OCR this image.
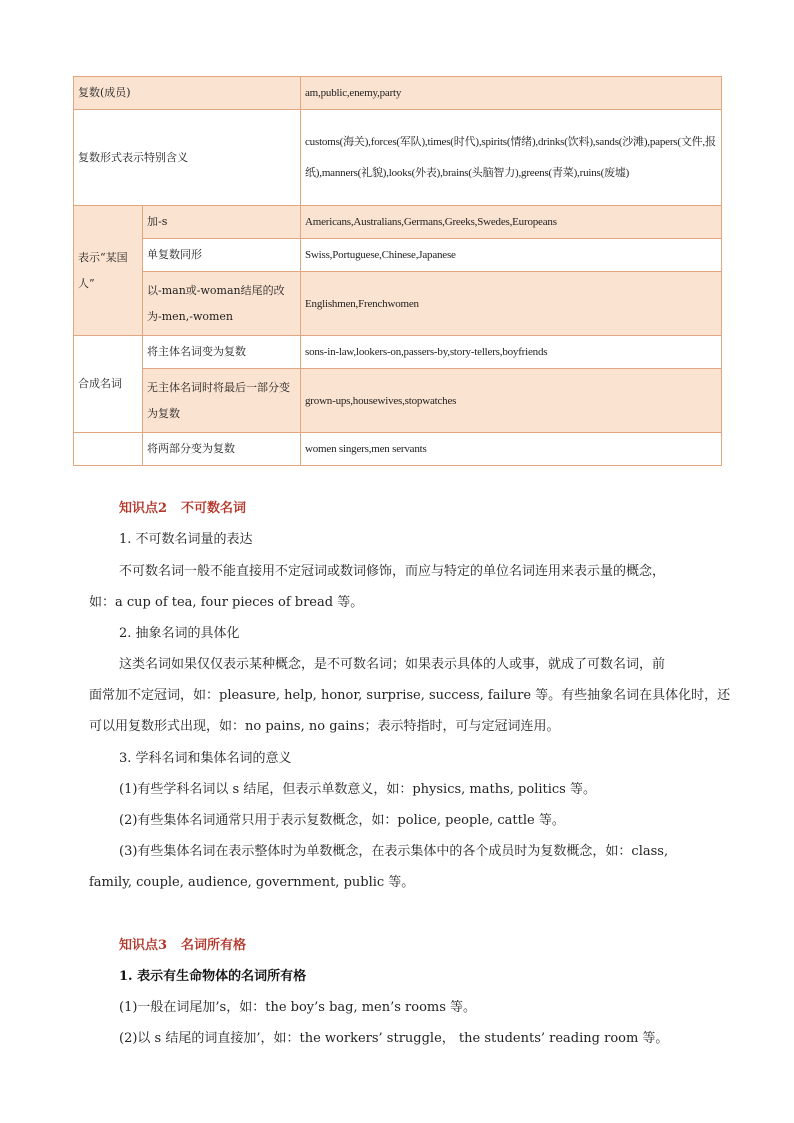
复数(成员)		am,public,enemy,party
复数形式表示特别含义		customs(海关),forces(军队),times(时代),spirits(情绪),drinks(饮料),sands(沙滩),papers(文件,报纸),manners(礼貌),looks(外表),brains(头脑智力),greens(青菜),ruins(废墟)
表示“某国人”	加-s	Americans,Australians,Germans,Greeks,Swedes,Europeans
	单复数同形	Swiss,Portuguese,Chinese,Japanese
	以-man或-woman结尾的改为-men,-women	Englishmen,Frenchwomen
合成名词	将主体名词变为复数	sons-in-law,lookers-on,passers-by,story-tellers,boyfriends
	无主体名词时将最后一部分变为复数	grown-ups,housewives,stopwatches
	将两部分变为复数	women singers,men servants
知识点2 不可数名词
1. 不可数名词量的表达
不可数名词一般不能直接用不定冠词或数词修饰，而应与特定的单位名词连用来表示量的概念，
如：a cup of tea, four pieces of bread 等。
2. 抽象名词的具体化
这类名词如果仅仅表示某种概念，是不可数名词；如果表示具体的人或事，就成了可数名词，前
面常加不定冠词，如：pleasure, help, honor, surprise, success, failure 等。有些抽象名词在具体化时，还
可以用复数形式出现，如：no pains, no gains；表示特指时，可与定冠词连用。
3. 学科名词和集体名词的意义
(1)有些学科名词以 s 结尾，但表示单数意义，如：physics, maths, politics 等。
(2)有些集体名词通常只用于表示复数概念，如：police, people, cattle 等。
(3)有些集体名词在表示整体时为单数概念，在表示集体中的各个成员时为复数概念，如：class,
family, couple, audience, government, public 等。
知识点3 名词所有格
1. 表示有生命物体的名词所有格
(1)一般在词尾加’s，如：the boy’s bag, men’s rooms 等。
(2)以 s 结尾的词直接加’，如：the workers’ struggle， the students’ reading room 等。
